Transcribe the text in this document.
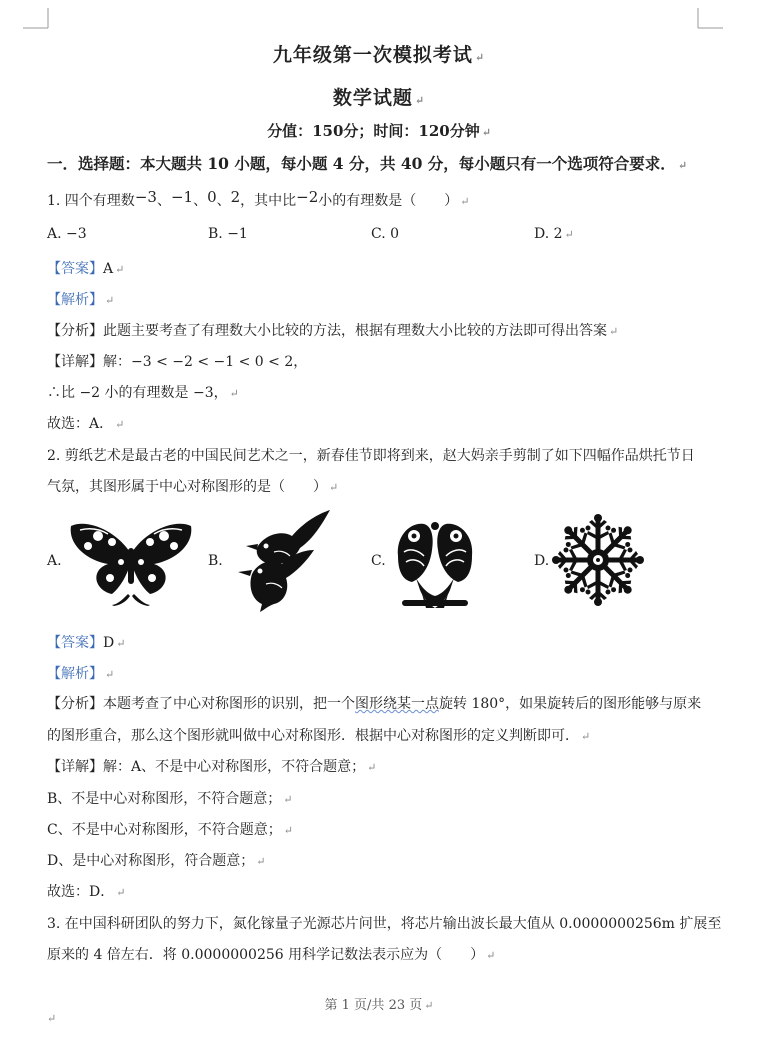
九年级第一次模拟考试 ↵
数学试题 ↵
分值：150分；时间：120分钟 ↵
一．选择题：本大题共 10 小题，每小题 4 分，共 40 分，每小题只有一个选项符合要求． ↵
1. 四个有理数−3、−1、0、2，其中比−2小的有理数是（　　） ↵
A. −3	B. −1	C. 0	D. 2 ↵
【答案】A ↵
【解析】 ↵
【分析】此题主要考查了有理数大小比较的方法，根据有理数大小比较的方法即可得出答案 ↵
【详解】解：−3 < −2 < −1 < 0 < 2，
∴比 −2 小的有理数是 −3， ↵
故选：A． ↵
2. 剪纸艺术是最古老的中国民间艺术之一，新春佳节即将到来，赵大妈亲手剪制了如下四幅作品烘托节日
气氛，其图形属于中心对称图形的是（　　） ↵
A.	B.	C.	D.
【答案】D ↵
【解析】 ↵
【分析】本题考查了中心对称图形的识别，把一个图形绕某一点旋转 180°，如果旋转后的图形能够与原来
的图形重合，那么这个图形就叫做中心对称图形．根据中心对称图形的定义判断即可． ↵
【详解】解：A、不是中心对称图形，不符合题意； ↵
B、不是中心对称图形，不符合题意； ↵
C、不是中心对称图形，不符合题意； ↵
D、是中心对称图形，符合题意； ↵
故选：D． ↵
3. 在中国科研团队的努力下，氮化镓量子光源芯片问世，将芯片输出波长最大值从 0.0000000256m 扩展至
原来的 4 倍左右．将 0.0000000256 用科学记数法表示应为（　　） ↵
第 1 页/共 23 页 ↵
↵
